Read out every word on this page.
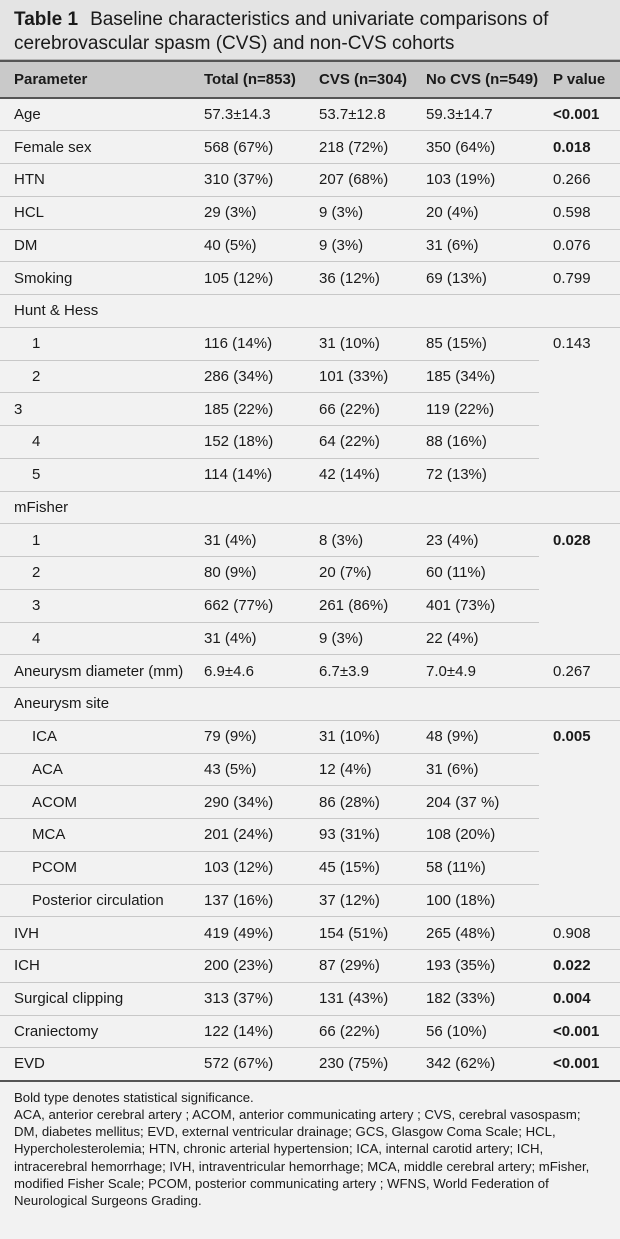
Table 1 Baseline characteristics and univariate comparisons of cerebrovascular spasm (CVS) and non-CVS cohorts
Parameter	Total (n=853)	CVS (n=304)	No CVS (n=549)	P value
Age	57.3±14.3	53.7±12.8	59.3±14.7	<0.001
Female sex	568 (67%)	218 (72%)	350 (64%)	0.018
HTN	310 (37%)	207 (68%)	103 (19%)	0.266
HCL	29 (3%)	9 (3%)	20 (4%)	0.598
DM	40 (5%)	9 (3%)	31 (6%)	0.076
Smoking	105 (12%)	36 (12%)	69 (13%)	0.799
Hunt & Hess				
1	116 (14%)	31 (10%)	85 (15%)	0.143
2	286 (34%)	101 (33%)	185 (34%)	
3	185 (22%)	66 (22%)	119 (22%)	
4	152 (18%)	64 (22%)	88 (16%)	
5	114 (14%)	42 (14%)	72 (13%)	
mFisher				
1	31 (4%)	8 (3%)	23 (4%)	0.028
2	80 (9%)	20 (7%)	60 (11%)	
3	662 (77%)	261 (86%)	401 (73%)	
4	31 (4%)	9 (3%)	22 (4%)	
Aneurysm diameter (mm)	6.9±4.6	6.7±3.9	7.0±4.9	0.267
Aneurysm site				
ICA	79 (9%)	31 (10%)	48 (9%)	0.005
ACA	43 (5%)	12 (4%)	31 (6%)	
ACOM	290 (34%)	86 (28%)	204 (37 %)	
MCA	201 (24%)	93 (31%)	108 (20%)	
PCOM	103 (12%)	45 (15%)	58 (11%)	
Posterior circulation	137 (16%)	37 (12%)	100 (18%)	
IVH	419 (49%)	154 (51%)	265 (48%)	0.908
ICH	200 (23%)	87 (29%)	193 (35%)	0.022
Surgical clipping	313 (37%)	131 (43%)	182 (33%)	0.004
Craniectomy	122 (14%)	66 (22%)	56 (10%)	<0.001
EVD	572 (67%)	230 (75%)	342 (62%)	<0.001
Bold type denotes statistical significance.
ACA, anterior cerebral artery ; ACOM, anterior communicating artery ; CVS, cerebral vasospasm; DM, diabetes mellitus; EVD, external ventricular drainage; GCS, Glasgow Coma Scale; HCL, Hypercholesterolemia; HTN, chronic arterial hypertension; ICA, internal carotid artery; ICH, intracerebral hemorrhage; IVH, intraventricular hemorrhage; MCA, middle cerebral artery; mFisher, modified Fisher Scale; PCOM, posterior communicating artery ; WFNS, World Federation of Neurological Surgeons Grading.
